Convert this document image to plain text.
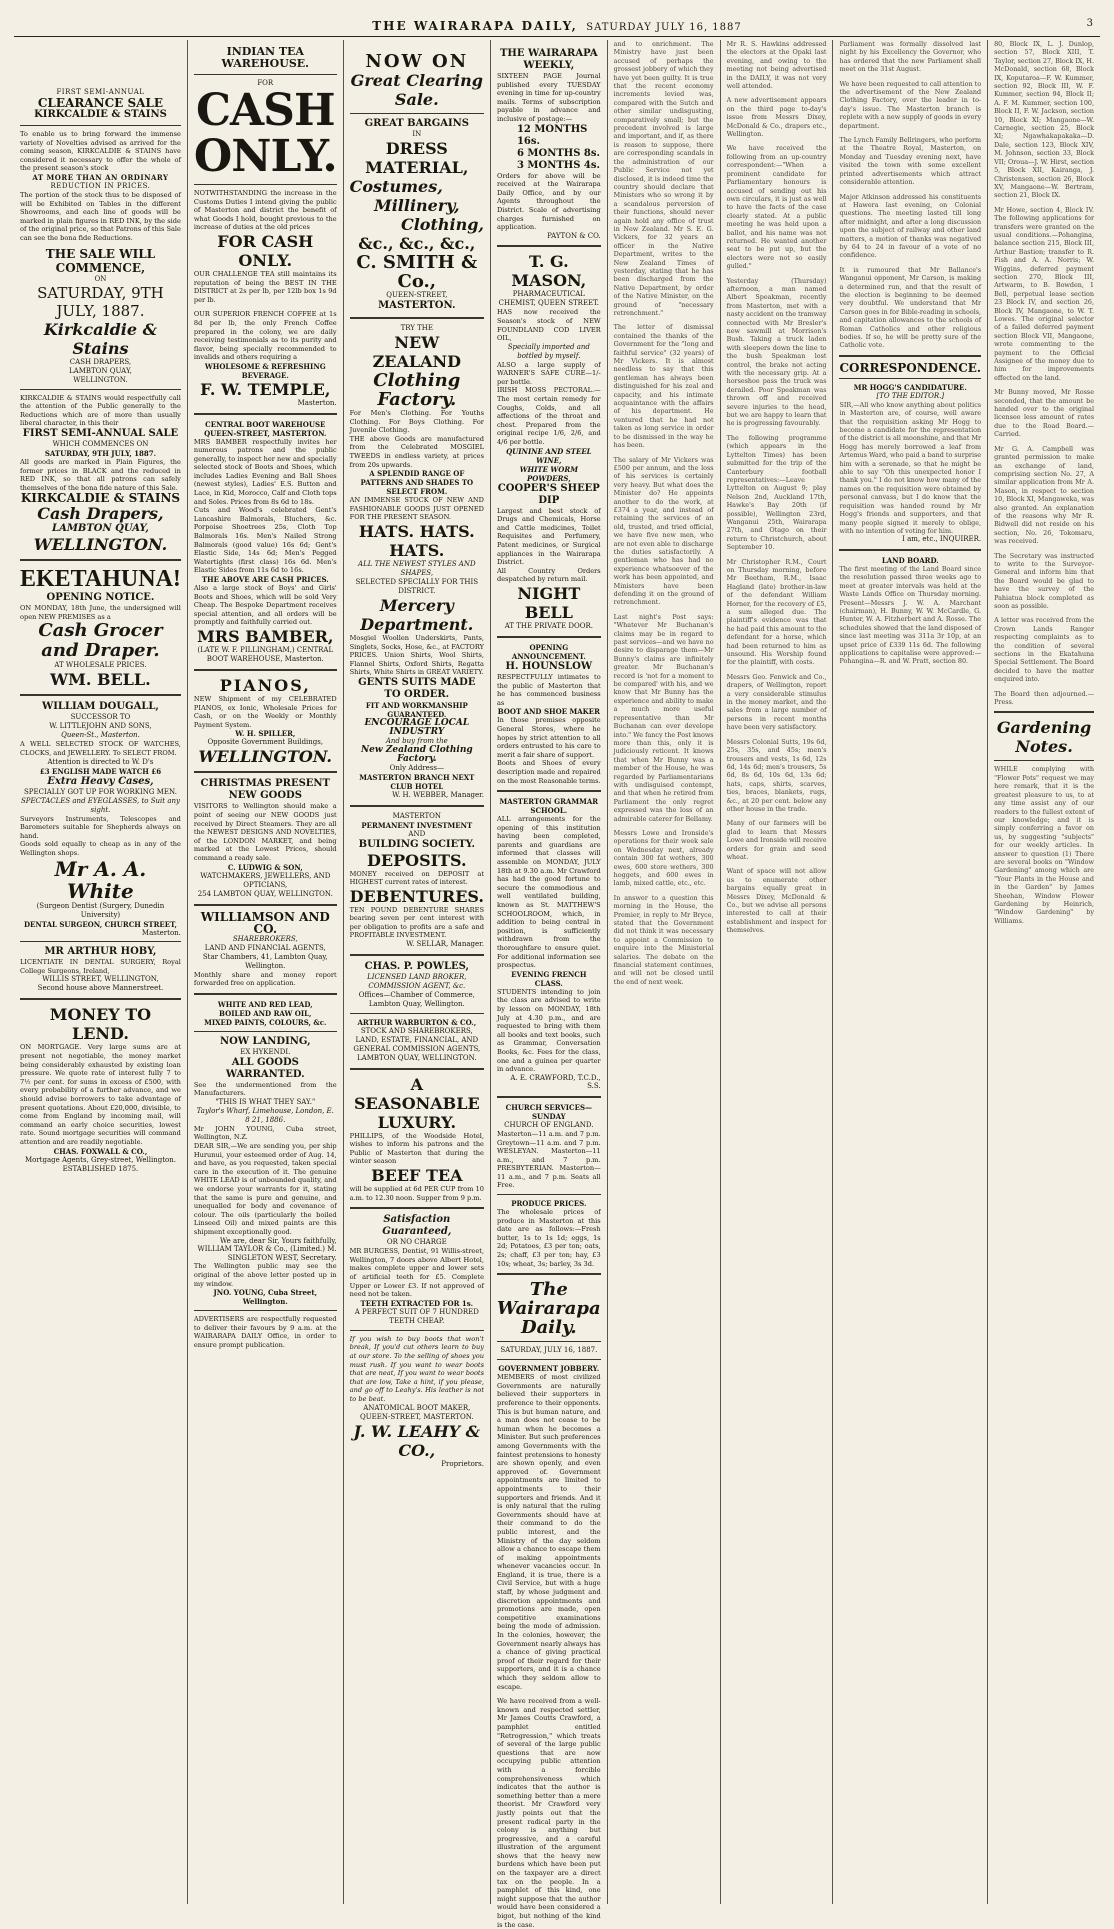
THE WAIRARAPA DAILY, SATURDAY JULY 16, 1887	3
FIRST SEMI-ANNUAL
CLEARANCE SALE
KIRKCALDIE & STAINS
To enable us to bring forward the immense variety of Novelties advised as arrived for the coming season, KIRKCALDIE & STAINS have considered it necessary to offer the whole of the present season's stock
AT MORE THAN AN ORDINARY
REDUCTION IN PRICES.
The portion of the stock thus to be disposed of will be Exhibited on Tables in the different Showrooms, and each line of goods will be marked in plain figures in RED INK, by the side of the original price, so that Patrons of this Sale can see the bona fide Reductions.
THE SALE WILL COMMENCE,
ON
SATURDAY, 9TH JULY, 1887.
Kirkcaldie & Stains
CASH DRAPERS,
LAMBTON QUAY,
WELLINGTON.
KIRKCALDIE & STAINS would respectfully call the attention of the Public generally to the Reductions which are of more than usually liberal character, in this their
FIRST SEMI-ANNUAL SALE
WHICH COMMENCES ON
SATURDAY, 9TH JULY, 1887.
All goods are marked in Plain Figures, the former prices in BLACK and the reduced in RED INK, so that all patrons can safely themselves of the bona fide nature of this Sale.
KIRKCALDIE & STAINS
Cash Drapers,
LAMBTON QUAY,
WELLINGTON.
EKETAHUNA!
OPENING NOTICE.
ON MONDAY, 18th June, the undersigned will open NEW PREMISES as a
Cash Grocer and Draper.
AT WHOLESALE PRICES.
WM. BELL.
WILLIAM DOUGALL,
SUCCESSOR TO
W. LITTLEJOHN AND SONS,
Queen-St., Masterton.
A WELL SELECTED STOCK OF WATCHES, CLOCKS, and JEWELLERY. To SELECT FROM.
Attention is directed to W. D's
£3 ENGLISH MADE WATCH £6
Extra Heavy Cases,
SPECIALLY GOT UP FOR WORKING MEN.
SPECTACLES and EYEGLASSES, to Suit any sight.
Surveyors Instruments, Telescopes and Barometers suitable for Shepherds always on hand.
Goods sold equally to cheap as in any of the Wellington shops.
Mr A. A. White
(Surgeon Dentist (Surgery, Dunedin University)
DENTAL SURGEON, CHURCH STREET,
Masterton.
MR ARTHUR HOBY,
LICENTIATE IN DENTAL SURGERY, Royal College Surgeons, Ireland,
WILLIS STREET, WELLINGTON,
Second house above Mannerstreet.
MONEY TO LEND.
ON MORTGAGE. Very large sums are at present not negotiable, the money market being considerably exhausted by existing loan pressure. We quote rate of interest fully 7 to 7½ per cent. for sums in excess of £500, with every probability of a further advance, and we should advise borrowers to take advantage of present quotations. About £20,000, divisible, to come from England by incoming mail, will command an early choice securities, lowest rate. Sound mortgage securities will command attention and are readily negotiable.
CHAS. FOXWALL & CO.,
Mortgage Agents, Grey-street, Wellington.
ESTABLISHED 1875.
INDIAN TEA WAREHOUSE.
FOR
CASH ONLY.
NOTWITHSTANDING the increase in the Customs Duties I intend giving the public of Masterton and district the benefit of what Goods I hold, bought previous to the increase of duties at the old prices
FOR CASH ONLY.
OUR CHALLENGE TEA still maintains its reputation of being the BEST IN THE DISTRICT at 2s per lb, per 12lb box 1s 9d per lb.
OUR SUPERIOR FRENCH COFFEE at 1s 8d per lb, the only French Coffee prepared in the colony, we are daily receiving testimonials as to its purity and flavor, being specially recommended to invalids and others requiring a
WHOLESOME & REFRESHING BEVERAGE.
F. W. TEMPLE,
Masterton.
CENTRAL BOOT WAREHOUSE QUEEN-STREET, MASTERTON.
MRS BAMBER respectfully invites her numerous patrons and the public generally, to inspect her new and specially selected stock of Boots and Shoes, which includes Ladies Evening and Ball Shoes (newest styles), Ladies' E.S. Button and Lace, in Kid, Morocco, Calf and Cloth tops and Soles. Prices from 8s 6d to 18s.
Cuts and Wood's celebrated Gent's Lancashire Balmorals, Bluchers, &c. Porpoise Shoetrees 25s, Cloth Top Balmorals 16s. Men's Nailed Strong Balmorals (good value) 16s 6d; Gent's Elastic Side, 14s 6d; Men's Pegged Watertights (first class) 16s 6d. Men's Elastic Sides from 11s 6d to 16s.
THE ABOVE ARE CASH PRICES.
Also a large stock of Boys' and Girls' Boots and Shoes, which will be sold Very Cheap. The Bespoke Department receives special attention, and all orders will be promptly and faithfully carried out.
MRS BAMBER,
(LATE W. F. PILLINGHAM,) CENTRAL BOOT WAREHOUSE, Masterton.
PIANOS,
NEW Shipment of my CELEBRATED PIANOS, ex Ionic, Wholesale Prices for Cash, or on the Weekly or Monthly Payment System.
W. H. SPILLER,
Opposite Government Buildings,
WELLINGTON.
CHRISTMAS PRESENT
NEW GOODS
VISITORS to Wellington should make a point of seeing our NEW GOODS just received by Direct Steamers. They are all the NEWEST DESIGNS AND NOVELTIES, of the LONDON MARKET, and being marked at the Lowest Prices, should command a ready sale.
C. LUDWIG & SON,
WATCHMAKERS, JEWELLERS, AND OPTICIANS,
254 LAMBTON QUAY, WELLINGTON.
WILLIAMSON AND CO.
SHAREBROKERS,
LAND AND FINANCIAL AGENTS,
Star Chambers, 41, Lambton Quay, Wellington.
Monthly share and money report forwarded free on application.
WHITE AND RED LEAD,
BOILED AND RAW OIL,
MIXED PAINTS, COLOURS, &c.
NOW LANDING,
EX HYKENDI.
ALL GOODS WARRANTED.
See the undermentioned from the Manufacturers.
"THIS IS WHAT THEY SAY."
Taylor's Wharf, Limehouse, London, E. 8 21, 1886.
Mr JOHN YOUNG, Cuba street, Wellington, N.Z.
DEAR SIR,—We are sending you, per ship Hurunui, your esteemed order of Aug. 14, and have, as you requested, taken special care in the execution of it. The genuine WHITE LEAD is of unbounded quality, and we endorse your warrants for it, stating that the same is pure and genuine, and unequalled for body and covenance of colour. The oils (particularly the boiled Linseed Oil) and mixed paints are this shipment exceptionally good.
We are, dear Sir, Yours faithfully, WILLIAM TAYLOR & Co., (Limited.) M. SINGLETON WEST, Secretary.
The Wellington public may see the original of the above letter posted up in my window.
JNO. YOUNG, Cuba Street, Wellington.
ADVERTISERS are respectfully requested to deliver their favours by 9 a.m. at the WAIRARAPA DAILY Office, in order to ensure prompt publication.
NOW ON
Great Clearing Sale.
GREAT BARGAINS
IN
DRESS MATERIAL,
Costumes,
Millinery,
Clothing,
&c., &c., &c.,
C. SMITH & Co.,
QUEEN-STREET,
MASTERTON.
TRY THE
NEW ZEALAND
Clothing Factory.
For Men's Clothing. For Youths Clothing. For Boys Clothing. For Juvenile Clothing.
THE above Goods are manufactured from the Celebrated MOSGIEL TWEEDS in endless variety, at prices from 20s upwards.
A SPLENDID RANGE OF PATTERNS AND SHADES TO SELECT FROM.
AN IMMENSE STOCK OF NEW AND FASHIONABLE GOODS JUST OPENED FOR THE PRESENT SEASON.
HATS. HATS. HATS.
ALL THE NEWEST STYLES AND SHAPES,
SELECTED SPECIALLY FOR THIS DISTRICT.
Mercery Department.
Mosgiel Woollen Underskirts, Pants, Singlets, Socks, Hose, &c., at FACTORY PRICES. Union Shirts, Wool Shirts, Flannel Shirts, Oxford Shirts, Regatta Shirts, White Shirts in GREAT VARIETY.
GENTS SUITS MADE TO ORDER.
FIT AND WORKMANSHIP GUARANTEED.
ENCOURAGE LOCAL INDUSTRY
And buy from the
New Zealand Clothing Factory.
Only Address—
MASTERTON BRANCH NEXT CLUB HOTEL
W. H. WEBBER, Manager.
MASTERTON
PERMANENT INVESTMENT
AND
BUILDING SOCIETY.
DEPOSITS.
MONEY received on DEPOSIT at HIGHEST current rates of interest.
DEBENTURES.
TEN POUND DEBENTURE SHARES bearing seven per cent interest with per obligation to profits are a safe and PROFITABLE INVESTMENT.
W. SELLAR, Manager.
CHAS. P. POWLES,
LICENSED LAND BROKER, COMMISSION AGENT, &c.
Offices—Chamber of Commerce, Lambton Quay, Wellington.
ARTHUR WARBURTON & CO.,
STOCK AND SHAREBROKERS, LAND, ESTATE, FINANCIAL, AND GENERAL COMMISSION AGENTS,
LAMBTON QUAY, WELLINGTON.
A SEASONABLE LUXURY.
PHILLIPS, of the Woodside Hotel, wishes to inform his patrons and the Public of Masterton that during the winter season
BEEF TEA
will be supplied at 6d PER CUP from 10 a.m. to 12.30 noon. Supper from 9 p.m.
Satisfaction Guaranteed,
OR NO CHARGE
MR BURGESS, Dentist, 91 Willis-street, Wellington, 7 doors above Albert Hotel, makes complete upper and lower sets of artificial teeth for £5. Complete Upper or Lower £3. If not approved of need not be taken.
TEETH EXTRACTED FOR 1s.
A PERFECT SUIT OF 7 HUNDRED TEETH CHEAP.
If you wish to buy boots that won't break, If you'd cut others learn to buy at our store. To the selling of shoes you must rush. If you want to wear boots that are neat, If you want to wear boots that are low, Take a hint, if you please, and go off to Leahy's. His leather is not to be beat.
ANATOMICAL BOOT MAKER, QUEEN-STREET, MASTERTON.
J. W. LEAHY & CO.,
Proprietors.
THE WAIRARAPA WEEKLY,
SIXTEEN PAGE Journal published every TUESDAY evening in time for up-country mails. Terms of subscription payable in advance and inclusive of postage:—
12 MONTHS 16s.
6 MONTHS 8s.
3 MONTHS 4s.
Orders for above will be received at the Wairarapa Daily Office, and by our Agents throughout the District. Scale of advertising charges furnished on application.
PAYTON & CO.
T. G. MASON,
PHARMACEUTICAL CHEMIST, QUEEN STREET.
HAS now received the Season's stock of NEW FOUNDLAND COD LIVER OIL,
Specially imported and bottled by myself.
ALSO a large supply of WARNER'S SAFE CURE—1/- per bottle.
IRISH MOSS PECTORAL.—The most certain remedy for Coughs, Colds, and all affections of the throat and chest. Prepared from the original recipe 1/6, 2/6, and 4/6 per bottle.
QUININE AND STEEL WINE,
WHITE WORM POWDERS,
COOPER'S SHEEP DIP
Largest and best stock of Drugs and Chemicals, Horse and Cattle medicines, Toilet Requisites and Perfumery, Patent medicines, or Surgical appliances in the Wairarapa District.
All Country Orders despatched by return mail.
NIGHT BELL
AT THE PRIVATE DOOR.
OPENING ANNOUNCEMENT.
H. HOUNSLOW
RESPECTFULLY intimates to the public of Masterton that he has commenced business as
BOOT AND SHOE MAKER
In those premises opposite General Stores, where he hopes by strict attention to all orders entrusted to his care to merit a fair share of support.
Boots and Shoes of every description made and repaired on the most Reasonable terms.
MASTERTON GRAMMAR SCHOOL.
ALL arrangements for the opening of this institution having been completed, parents and guardians are informed that classes will assemble on MONDAY, JULY 18th at 9.30 a.m. Mr Crawford has had the good fortune to secure the commodious and well ventilated building, known as St. MATTHEW'S SCHOOLROOM, which, in addition to being central in position, is sufficiently withdrawn from the thoroughfare to ensure quiet. For additional information see prospectus.
EVENING FRENCH CLASS.
STUDENTS intending to join the class are advised to write by lesson on MONDAY, 18th July at 4.30 p.m., and are requested to bring with them all books and text books, such as Grammar, Conversation Books, &c. Fees for the class, one and a guinea per quarter in advance.
A. E. CRAWFORD, T.C.D., S.S.
CHURCH SERVICES—SUNDAY
CHURCH OF ENGLAND.
Masterton—11 a.m. and 7 p.m. Greytown—11 a.m. and 7 p.m. WESLEYAN. Masterton—11 a.m., and 7 p.m. PRESBYTERIAN. Masterton—11 a.m., and 7 p.m. Seats all Free.
PRODUCE PRICES.
The wholesale prices of produce in Masterton at this date are as follows:—Fresh butter, 1s to 1s 1d; eggs, 1s 2d; Potatoes, £3 per ton; oats, 2s; chaff, £3 per ton; hay, £3 10s; wheat, 3s; barley, 3s 3d.
The Wairarapa Daily.
SATURDAY, JULY 16, 1887.
GOVERNMENT JOBBERY.
MEMBERS of most civilized Governments are naturally believed their supporters in preference to their opponents. This is but human nature, and a man does not cease to be human when he becomes a Minister. But such preferences among Governments with the faintest pretensions to honesty are shown openly, and even approved of. Government appointments are limited to appointments to their supporters and friends. And it is only natural that the ruling Governments should have at their command to do the public interest, and the Ministry of the day seldom allow a chance to escape them of making appointments whenever vacancies occur. In England, it is true, there is a Civil Service, but with a huge staff, by whose judgment and discretion appointments and promotions are made, open competitive examinations being the mode of admission. In the colonies, however, the Government nearly always has a chance of giving practical proof of their regard for their supporters, and it is a chance which they seldom allow to escape.
We have received from a well-known and respected settler, Mr James Coutts Crawford, a pamphlet entitled "Retrogression," which treats of several of the large public questions that are now occupying public attention with a forcible comprehensiveness which indicates that the author is something better than a mere theorist. Mr Crawford very justly points out that the present radical party in the colony is anything but progressive, and a careful illustration of the argument shows that the heavy new burdens which have been put on the taxpayer are a direct tax on the people. In a pamphlet of this kind, one might suppose that the author would have been considered a bigot, but nothing of the kind is the case.
and to enrichment. The Ministry have just been accused of perhaps the grossest jobbery of which they have yet been guilty. It is true that the recent economy increments levied was, compared with the Sutch and other similar undisgusting, comparatively small; but the precedent involved is large and important, and if, as there is reason to suppose, there are corresponding scandals in the administration of our Public Service not yet disclosed, it is indeed time the country should declare that Ministers who so wrong it by a scandalous perversion of their functions, should never again hold any office of trust in New Zealand. Mr S. E. G. Vickers, for 32 years an officer in the Native Department, writes to the New Zealand Times of yesterday, stating that he has been discharged from the Native Department, by order of the Native Minister, on the ground of "necessary retrenchment."
The letter of dismissal contained the thanks of the Government for the "long and faithful service" (32 years) of Mr Vickers. It is almost needless to say that this gentleman has always been distinguished for his zeal and capacity, and his intimate acquaintance with the affairs of his department. He ventured that he had not taken as long service in order to be dismissed in the way he has been.
The salary of Mr Vickers was £500 per annum, and the loss of his services is certainly very heavy. But what does the Minister do? He appoints another to do the work, at £374 a year, and instead of retaining the services of an old, trusted, and tried official, we have five new men, who are not even able to discharge the duties satisfactorily. A gentleman who has had no experience whatsoever of the work has been appointed, and Ministers have been defending it on the ground of retrenchment.
Last night's Post says: "Whatever Mr Buchanan's claims may be in regard to past services—and we have no desire to disparage them—Mr Bunny's claims are infinitely greater. Mr Buchanan's record is 'not for a moment to be compared' with his, and we know that Mr Bunny has the experience and ability to make a much more useful representative than Mr Buchanan can ever develope into." We fancy the Post knows more than this, only it is judiciously reticent. It knows that when Mr Bunny was a member of the House, he was regarded by Parliamentarians with undisguised contempt, and that when he retired from Parliament the only regret expressed was the loss of an admirable caterer for Bellamy.
Messrs Lowe and Ironside's operations for their week sale on Wednesday next, already contain 300 fat wethers, 300 ewes, 600 store wethers, 300 hoggets, and 600 ewes in lamb, mixed cattle, etc., etc.
In answer to a question this morning in the House, the Premier, in reply to Mr Bryce, stated that the Government did not think it was necessary to appoint a Commission to enquire into the Ministerial salaries. The debate on the financial statement continues, and will not be closed until the end of next week.
Mr R. S. Hawkins addressed the electors at the Opaki last evening, and owing to the meeting not being advertised in the DAILY, it was not very well attended.
A new advertisement appears on the third page to-day's issue from Messrs Dixey, McDonald & Co., drapers etc., Wellington.
We have received the following from an up-country correspondent:—"When a prominent candidate for Parliamentary honours is accused of sending out his own circulars, it is just as well to have the facts of the case clearly stated. At a public meeting he was held upon a ballot, and his name was not returned. He wanted another seat to be put up, but the electors were not so easily gulled."
Yesterday (Thursday) afternoon, a man named Albert Speakman, recently from Masterton, met with a nasty accident on the tramway connected with Mr Bresler's new sawmill at Morrison's Bush. Taking a truck laden with sleepers down the line to the bush Speakman lost control, the brake not acting with the necessary grip. At a horseshoe pass the truck was derailed. Poor Speakman was thrown off and received severe injuries to the head, but we are happy to learn that he is progressing favourably.
The following programme (which appears in the Lyttelton Times) has been submitted for the trip of the Canterbury football representatives:—Leave Lyttelton on August 9; play Nelson 2nd, Auckland 17th, Hawke's Bay 20th (if possible), Wellington 23rd, Wanganui 25th, Wairarapa 27th, and Otago on their return to Christchurch, about September 10.
Mr Christopher R.M., Court on Thursday morning, before Mr Beetham, R.M., Isaac Hagland (late) brother-in-law of the defendant William Horner, for the recovery of £5, a sum alleged due. The plaintiff's evidence was that he had paid this amount to the defendant for a horse, which had been returned to him as unsound. His Worship found for the plaintiff, with costs.
Messrs Geo. Fenwick and Co., drapers, of Wellington, report a very considerable stimulus in the money market, and the sales from a large number of persons in recent months have been very satisfactory.
Messrs Colonial Sutts, 19s 6d, 25s, 35s, and 45s; men's trousers and vests, 1s 6d, 12s 6d, 14s 6d; men's trousers, 5s 6d, 8s 6d, 10s 6d, 13s 6d; hats, caps, shirts, scarves, ties, braces, blankets, rugs, &c., at 20 per cent. below any other house in the trade.
Many of our farmers will be glad to learn that Messrs Lowe and Ironside will receive orders for grain and seed wheat.
Want of space will not allow us to enumerate other bargains equally great in Messrs Dixey, McDonald & Co., but we advise all persons interested to call at their establishment and inspect for themselves.
Parliament was formally dissolved last night by his Excellency the Governor, who has ordered that the new Parliament shall meet on the 31st August.
We have been requested to call attention to the advertisement of the New Zealand Clothing Factory, over the leader in to-day's issue. The Masterton branch is replete with a new supply of goods in every department.
The Lynch Family Bellringers, who perform at the Theatre Royal, Masterton, on Monday and Tuesday evening next, have visited the town with some excellent printed advertisements which attract considerable attention.
Major Atkinson addressed his constituents at Hawera last evening, on Colonial questions. The meeting lasted till long after midnight, and after a long discussion upon the subject of railway and other land matters, a motion of thanks was negatived by 64 to 24 in favour of a vote of no confidence.
It is rumoured that Mr Ballance's Wanganui opponent, Mr Carson, is making a determined run, and that the result of the election is beginning to be deemed very doubtful. We understand that Mr Carson goes in for Bible-reading in schools, and capitation allowances to the schools of Roman Catholics and other religious bodies. If so, he will be pretty sure of the Catholic vote.
CORRESPONDENCE.
MR HOGG'S CANDIDATURE.
[TO THE EDITOR.]
SIR,—All who know anything about politics in Masterton are, of course, well aware that the requisition asking Mr Hogg to become a candidate for the representation of the district is all moonshine, and that Mr Hogg has merely borrowed a leaf from Artemus Ward, who paid a band to surprise him with a serenade, so that he might be able to say "Oh this unexpected honor I thank you." I do not know how many of the names on the requisition were obtained by personal canvass, but I do know that the requisition was handed round by Mr Hogg's friends and supporters, and that many people signed it merely to oblige, with no intention of voting for him.
I am, etc., INQUIRER.
LAND BOARD.
The first meeting of the Land Board since the resolution passed three weeks ago to meet at greater intervals was held at the Waste Lands Office on Thursday morning. Present—Messrs J. W. A. Marchant (chairman), H. Bunny, W. W. McCardle, G. Hunter, W. A. Fitzherbert and A. Rosse. The schedules showed that the land disposed of since last meeting was 311a 3r 10p, at an upset price of £339 11s 6d. The following applications to capitalise were approved:—Pohangina—R. and W. Pratt, section 80.
80, Block IX, L. J. Dunlop, section 57, Block XIII, T. Taylor, section 27, Block IX, H. McDonald, section 68, Block IX, Koputaroa—F. W. Kummer, section 92, Block III, W. F. Kummer, section 94, Block II; A. F. M. Kummer, section 100, Block II, F. W. Jackson, section 10, Block XI; Mangaone—W. Carnegie, section 25, Block XI; Ngawhakapakaka—D. Dale, section 123, Block XIV, M. Johnson, section 33, Block VII; Oroua—J. W. Hirst, section 5, Block XII, Kairanga, J. Christensen, section 26, Block XV, Mangaone—W. Bertram, section 21, Block IX.
Mr Howe, section 4, Block IV. The following applications for transfers were granted on the usual conditions.—Pohangina, balance section 215, Block III, Arthur Bastion; transfer to R. Fish and A. A. Norris; W. Wiggins, deferred payment section 270, Block III, Artwarm, to B. Bowden, 1 Bell, perpetual lease section 23 Block IV, and section 26, Block IV, Mangaone, to W. T. Lowes. The original selector of a failed deferred payment section Block VII, Mangaone, wrote commenting to the payment to the Official Assignee of the money due to him for improvements effected on the land.
Mr Bunny moved, Mr Rosse seconded, that the amount be handed over to the original licensee less amount of rates due to the Road Board.—Carried.
Mr G. A. Campbell was granted permission to make an exchange of land, comprising section No. 27, A similar application from Mr A. Mason, in respect to section 10, Block XI, Mangaweka, was also granted. An explanation of the reasons why Mr R. Bidwell did not reside on his section, No. 26, Tokomaru, was received.
The Secretary was instructed to write to the Surveyor-General and inform him that the Board would be glad to have the survey of the Pahiatua block completed as soon as possible.
A letter was received from the Crown Lands Ranger respecting complaints as to the condition of several sections in the Ekatahuna Special Settlement. The Board decided to have the matter enquired into.
The Board then adjourned.—Press.
Gardening Notes.
WHILE complying with "Flower Pots" request we may here remark, that it is the greatest pleasure to us, to at any time assist any of our readers to the fullest extent of our knowledge; and it is simply conferring a favor on us, by suggesting "subjects" for our weekly articles. In answer to question (1) There are several books on "Window Gardening" among which are "Your Plants in the House and in the Garden" by James Sheehan, Window Flower Gardening by Heinrich, "Window Gardening" by Williams.
